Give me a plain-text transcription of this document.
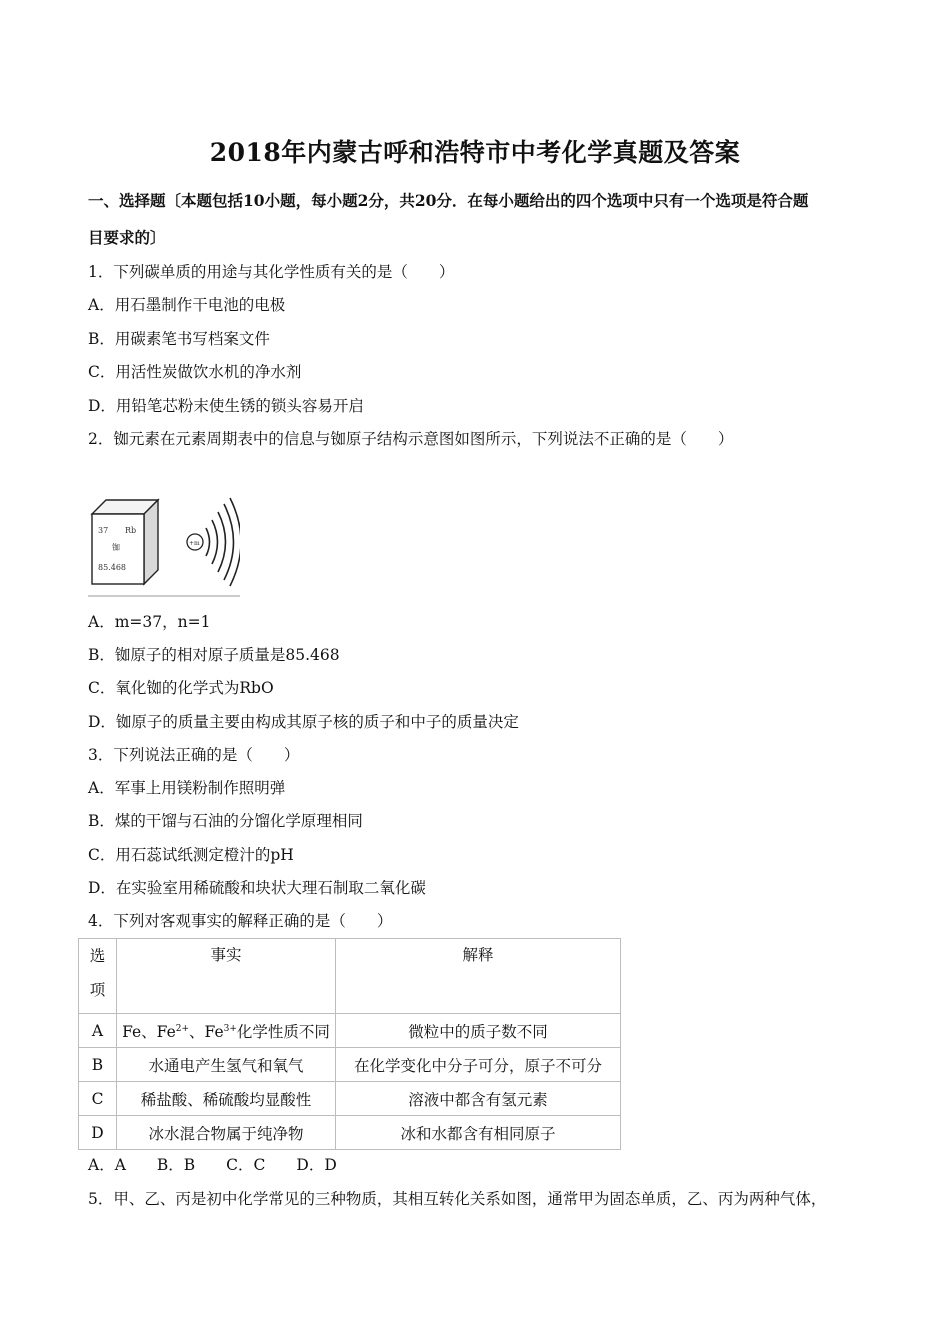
2018年内蒙古呼和浩特市中考化学真题及答案
一、选择题〔本题包括10小题，每小题2分，共20分．在每小题给出的四个选项中只有一个选项是符合题
目要求的〕
1．下列碳单质的用途与其化学性质有关的是（　　）
A．用石墨制作干电池的电极
B．用碳素笔书写档案文件
C．用活性炭做饮水机的净水剂
D．用铅笔芯粉末使生锈的锁头容易开启
2．铷元素在元素周期表中的信息与铷原子结构示意图如图所示，下列说法不正确的是（　　）
37 Rb
铷
85.468
+m
A．m=37，n=1
B．铷原子的相对原子质量是85.468
C．氧化铷的化学式为RbO
D．铷原子的质量主要由构成其原子核的质子和中子的质量决定
3．下列说法正确的是（　　）
A．军事上用镁粉制作照明弹
B．煤的干馏与石油的分馏化学原理相同
C．用石蕊试纸测定橙汁的pH
D．在实验室用稀硫酸和块状大理石制取二氧化碳
4．下列对客观事实的解释正确的是（　　）
选
项	事实	解释
A	Fe、$Fe^{2+}$、$Fe^{3+}$化学性质不同	微粒中的质子数不同
B	水通电产生氢气和氧气	在化学变化中分子可分，原子不可分
C	稀盐酸、稀硫酸均显酸性	溶液中都含有氢元素
D	冰水混合物属于纯净物	冰和水都含有相同原子
A．A　　B．B　　C．C　　D．D
5．甲、乙、丙是初中化学常见的三种物质，其相互转化关系如图，通常甲为固态单质，乙、丙为两种气体，
